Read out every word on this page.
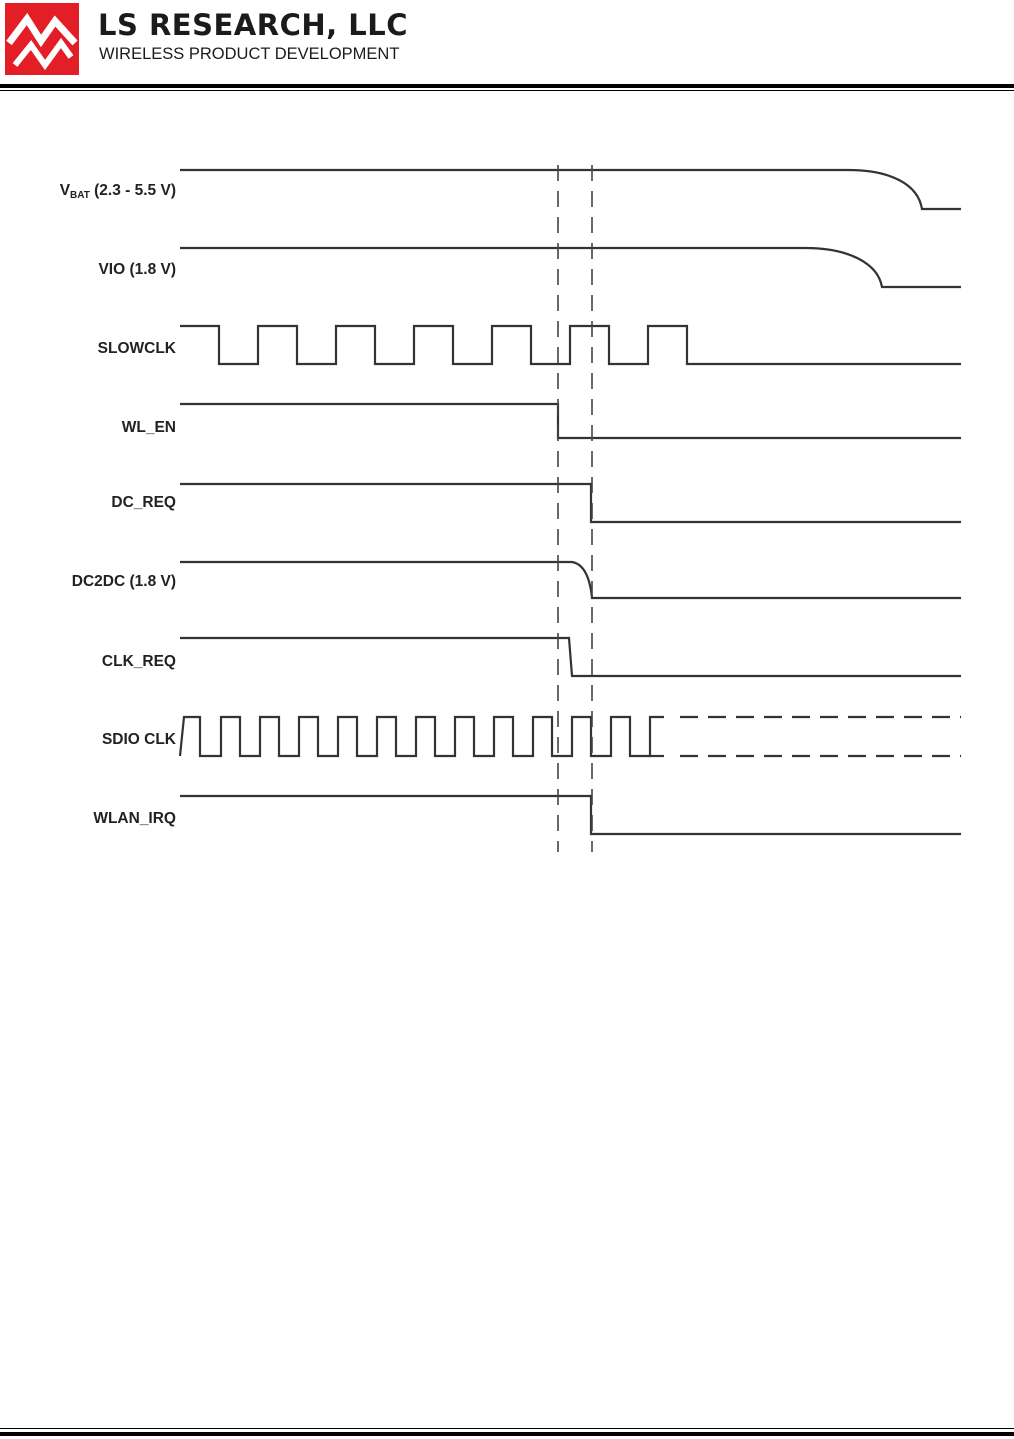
LS RESEARCH, LLC
WIRELESS PRODUCT DEVELOPMENT
$V_{BAT}$ (2.3 - 5.5 V)
VIO (1.8 V)
SLOWCLK
WL_EN
DC_REQ
DC2DC (1.8 V)
CLK_REQ
SDIO CLK
WLAN_IRQ
